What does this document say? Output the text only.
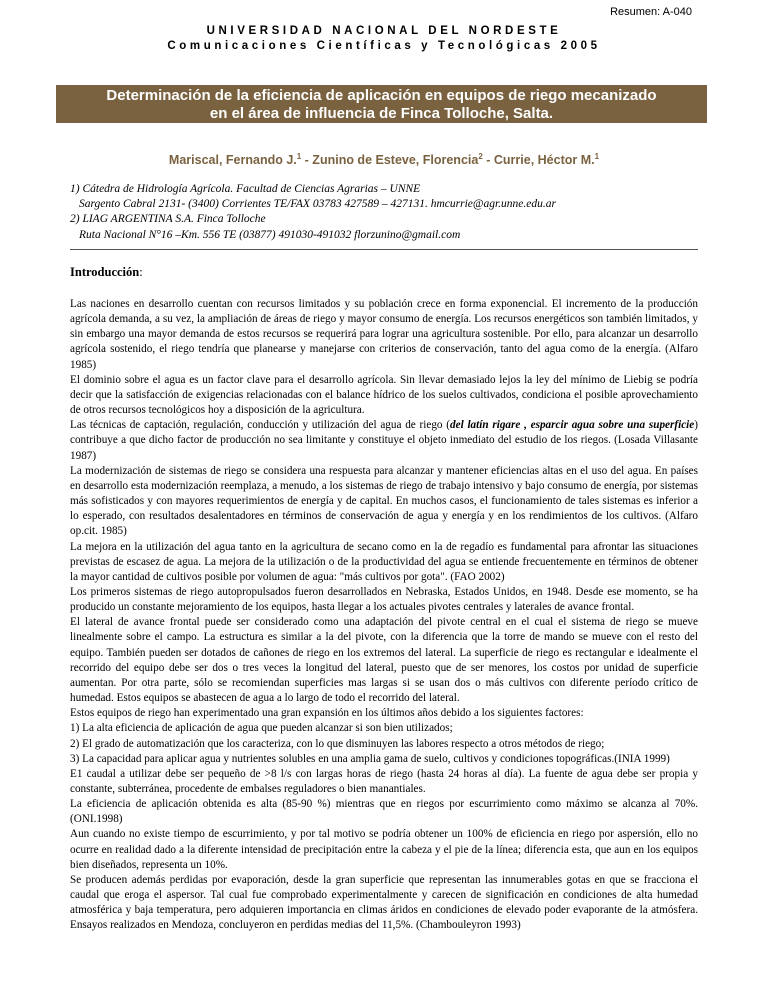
Resumen: A-040
UNIVERSIDAD NACIONAL DEL NORDESTE
Comunicaciones Científicas y Tecnológicas 2005
Determinación de la eficiencia de aplicación en equipos de riego mecanizado
en el área de influencia de Finca Tolloche, Salta.
Mariscal, Fernando J.$^1$ - Zunino de Esteve, Florencia$^2$ - Currie, Héctor M.$^1$
1) Cátedra de Hidrología Agrícola. Facultad de Ciencias Agrarias – UNNE
Sargento Cabral 2131- (3400) Corrientes TE/FAX 03783 427589 – 427131. hmcurrie@agr.unne.edu.ar
2) LIAG ARGENTINA S.A. Finca Tolloche
Ruta Nacional N°16 –Km. 556 TE (03877) 491030-491032 florzunino@gmail.com
Introducción:

Las naciones en desarrollo cuentan con recursos limitados y su población crece en forma exponencial. El incremento de la producción agrícola demanda, a su vez, la ampliación de áreas de riego y mayor consumo de energía. Los recursos energéticos son también limitados, y sin embargo una mayor demanda de estos recursos se requerirá para lograr una agricultura sostenible. Por ello, para alcanzar un desarrollo agrícola sostenido, el riego tendría que planearse y manejarse con criterios de conservación, tanto del agua como de la energía. (Alfaro 1985)

El dominio sobre el agua es un factor clave para el desarrollo agrícola. Sin llevar demasiado lejos la ley del mínimo de Liebig se podría decir que la satisfacción de exigencias relacionadas con el balance hídrico de los suelos cultivados, condiciona el posible aprovechamiento de otros recursos tecnológicos hoy a disposición de la agricultura.

Las técnicas de captación, regulación, conducción y utilización del agua de riego (del latín rigare , esparcir agua sobre una superficie) contribuye a que dicho factor de producción no sea limitante y constituye el objeto inmediato del estudio de los riegos. (Losada Villasante 1987)

La modernización de sistemas de riego se considera una respuesta para alcanzar y mantener eficiencias altas en el uso del agua. En países en desarrollo esta modernización reemplaza, a menudo, a los sistemas de riego de trabajo intensivo y bajo consumo de energía, por sistemas más sofisticados y con mayores requerimientos de energía y de capital. En muchos casos, el funcionamiento de tales sistemas es inferior a lo esperado, con resultados desalentadores en términos de conservación de agua y energía y en los rendimientos de los cultivos. (Alfaro op.cit. 1985)

La mejora en la utilización del agua tanto en la agricultura de secano como en la de regadío es fundamental para afrontar las situaciones previstas de escasez de agua. La mejora de la utilización o de la productividad del agua se entiende frecuentemente en términos de obtener la mayor cantidad de cultivos posible por volumen de agua: "más cultivos por gota". (FAO 2002)

Los primeros sistemas de riego autopropulsados fueron desarrollados en Nebraska, Estados Unidos, en 1948. Desde ese momento, se ha producido un constante mejoramiento de los equipos, hasta llegar a los actuales pivotes centrales y laterales de avance frontal.

El lateral de avance frontal puede ser considerado como una adaptación del pivote central en el cual el sistema de riego se mueve linealmente sobre el campo. La estructura es similar a la del pivote, con la diferencia que la torre de mando se mueve con el resto del equipo. También pueden ser dotados de cañones de riego en los extremos del lateral. La superficie de riego es rectangular e idealmente el recorrido del equipo debe ser dos o tres veces la longitud del lateral, puesto que de ser menores, los costos por unidad de superficie aumentan. Por otra parte, sólo se recomiendan superficies mas largas si se usan dos o más cultivos con diferente período crítico de humedad. Estos equipos se abastecen de agua a lo largo de todo el recorrido del lateral.

Estos equipos de riego han experimentado una gran expansión en los últimos años debido a los siguientes factores:

1) La alta eficiencia de aplicación de agua que pueden alcanzar si son bien utilizados;

2) El grado de automatización que los caracteriza, con lo que disminuyen las labores respecto a otros métodos de riego;

3) La capacidad para aplicar agua y nutrientes solubles en una amplia gama de suelo, cultivos y condiciones topográficas.(INIA 1999)

E1 caudal a utilizar debe ser pequeño de >8 l/s con largas horas de riego (hasta 24 horas al día). La fuente de agua debe ser propia y constante, subterránea, procedente de embalses reguladores o bien manantiales.

La eficiencia de aplicación obtenida es alta (85-90 %) mientras que en riegos por escurrimiento como máximo se alcanza al 70%. (ONI.1998)

Aun cuando no existe tiempo de escurrimiento, y por tal motivo se podría obtener un 100% de eficiencia en riego por aspersión, ello no ocurre en realidad dado a la diferente intensidad de precipitación entre la cabeza y el pie de la línea; diferencia esta, que aun en los equipos bien diseñados, representa un 10%.

Se producen además perdidas por evaporación, desde la gran superficie que representan las innumerables gotas en que se fracciona el caudal que eroga el aspersor. Tal cual fue comprobado experimentalmente y carecen de significación en condiciones de alta humedad atmosférica y baja temperatura, pero adquieren importancia en climas áridos en condiciones de elevado poder evaporante de la atmósfera. Ensayos realizados en Mendoza, concluyeron en perdidas medias del 11,5%. (Chambouleyron 1993)
